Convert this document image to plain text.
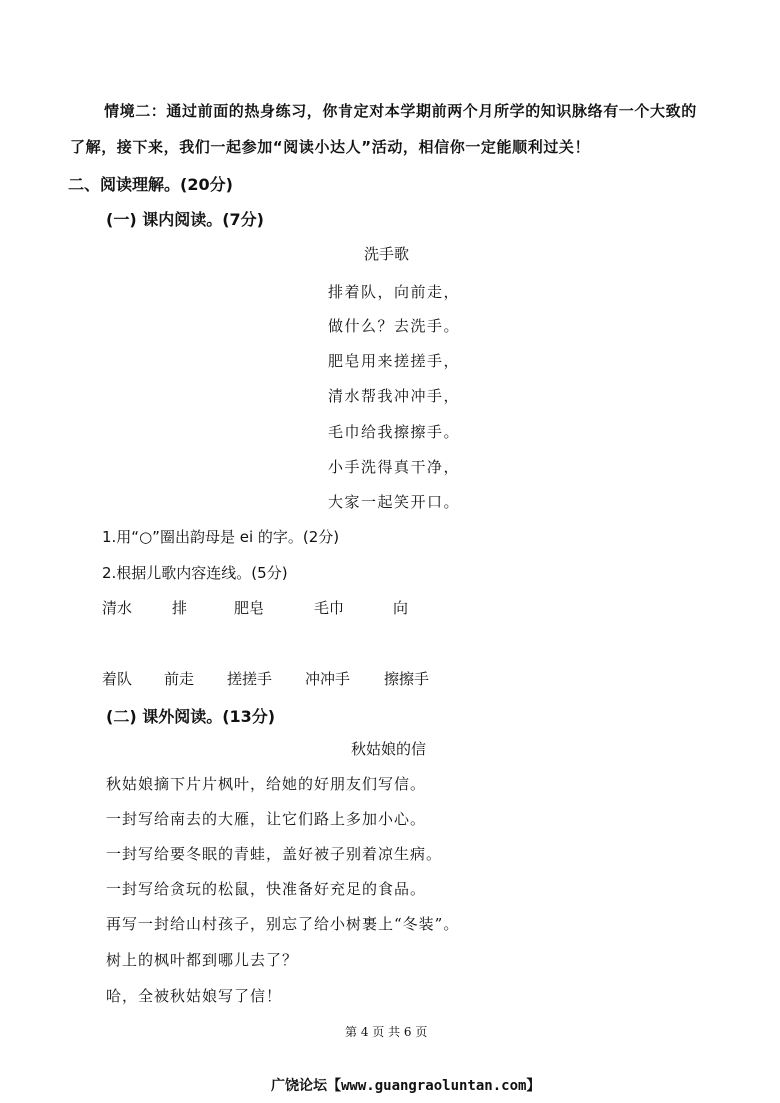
情境二：通过前面的热身练习，你肯定对本学期前两个月所学的知识脉络有一个大致的
了解，接下来，我们一起参加“阅读小达人”活动，相信你一定能顺利过关！
二、阅读理解。(20分)
(一) 课内阅读。(7分)
洗手歌
排着队，向前走，
做什么？去洗手。
肥皂用来搓搓手，
清水帮我冲冲手，
毛巾给我擦擦手。
小手洗得真干净，
大家一起笑开口。
1.用“○”圈出韵母是 ei 的字。(2分)
2.根据儿歌内容连线。(5分)
清水	排	肥皂	毛巾	向
着队 前走 搓搓手 冲冲手 擦擦手
(二) 课外阅读。(13分)
秋姑娘的信
秋姑娘摘下片片枫叶，给她的好朋友们写信。
一封写给南去的大雁，让它们路上多加小心。
一封写给要冬眠的青蛙，盖好被子别着凉生病。
一封写给贪玩的松鼠，快准备好充足的食品。
再写一封给山村孩子，别忘了给小树裹上“冬装”。
树上的枫叶都到哪儿去了？
哈，全被秋姑娘写了信！
第 4 页 共 6 页
广饶论坛【www.guangraoluntan.com】
